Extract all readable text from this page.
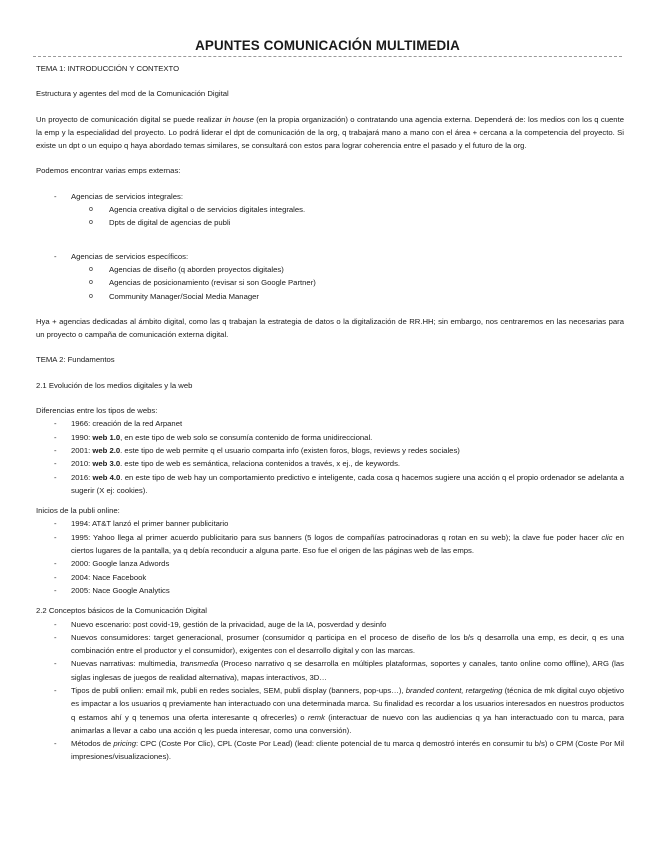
APUNTES COMUNICACIÓN MULTIMEDIA

TEMA 1: INTRODUCCIÓN Y CONTEXTO

Estructura y agentes del mcd de la Comunicación Digital

Un proyecto de comunicación digital se puede realizar in house (en la propia organización) o contratando una agencia externa. Dependerá de: los medios con los q cuente la emp y la especialidad del proyecto. Lo podrá liderar el dpt de comunicación de la org, q trabajará mano a mano con el área + cercana a la competencia del proyecto. Si existe un dpt o un equipo q haya abordado temas similares, se consultará con estos para lograr coherencia entre el pasado y el futuro de la org.

Podemos encontrar varias emps externas:

- Agencias de servicios integrales:
o Agencia creativa digital o de servicios digitales integrales.
o Dpts de digital de agencias de publi
- Agencias de servicios específicos:
o Agencias de diseño (q aborden proyectos digitales)
o Agencias de posicionamiento (revisar si son Google Partner)
o Community Manager/Social Media Manager

Hya + agencias dedicadas al ámbito digital, como las q trabajan la estrategia de datos o la digitalización de RR.HH; sin embargo, nos centraremos en las necesarias para un proyecto o campaña de comunicación externa digital.

TEMA 2: Fundamentos

2.1 Evolución de los medios digitales y la web

Diferencias entre los tipos de webs:

- 1966: creación de la red Arpanet
- 1990: web 1.0, en este tipo de web solo se consumía contenido de forma unidireccional.
- 2001: web 2.0. este tipo de web permite q el usuario comparta info (existen foros, blogs, reviews y redes sociales)
- 2010: web 3.0. este tipo de web es semántica, relaciona contenidos a través, x ej., de keywords.
- 2016: web 4.0. en este tipo de web hay un comportamiento predictivo e inteligente, cada cosa q hacemos sugiere una acción q el propio ordenador se adelanta a sugerir (X ej: cookies).

Inicios de la publi online:

- 1994: AT&T lanzó el primer banner publicitario
- 1995: Yahoo llega al primer acuerdo publicitario para sus banners (5 logos de compañías patrocinadoras q rotan en su web); la clave fue poder hacer clic en ciertos lugares de la pantalla, ya q debía reconducir a alguna parte. Eso fue el origen de las páginas web de las emps.
- 2000: Google lanza Adwords
- 2004: Nace Facebook
- 2005: Nace Google Analytics

2.2 Conceptos básicos de la Comunicación Digital

- Nuevo escenario: post covid-19, gestión de la privacidad, auge de la IA, posverdad y desinfo
- Nuevos consumidores: target generacional, prosumer (consumidor q participa en el proceso de diseño de los b/s q desarrolla una emp, es decir, q es una combinación entre el productor y el consumidor), exigentes con el desarrollo digital y con las marcas.
- Nuevas narrativas: multimedia, transmedia (Proceso narrativo q se desarrolla en múltiples plataformas, soportes y canales, tanto online como offline), ARG (las siglas inglesas de juegos de realidad alternativa), mapas interactivos, 3D…
- Tipos de publi onlien: email mk, publi en redes sociales, SEM, publi display (banners, pop-ups…), branded content, retargeting (técnica de mk digital cuyo objetivo es impactar a los usuarios q previamente han interactuado con una determinada marca. Su finalidad es recordar a los usuarios interesados en nuestros productos q estamos ahí y q tenemos una oferta interesante q ofrecerles) o remk (interactuar de nuevo con las audiencias q ya han interactuado con tu marca, para animarlas a llevar a cabo una acción q les pueda interesar, como una conversión).
- Métodos de pricing: CPC (Coste Por Clic), CPL (Coste Por Lead) (lead: cliente potencial de tu marca q demostró interés en consumir tu b/s) o CPM (Coste Por Mil impresiones/visualizaciones).
